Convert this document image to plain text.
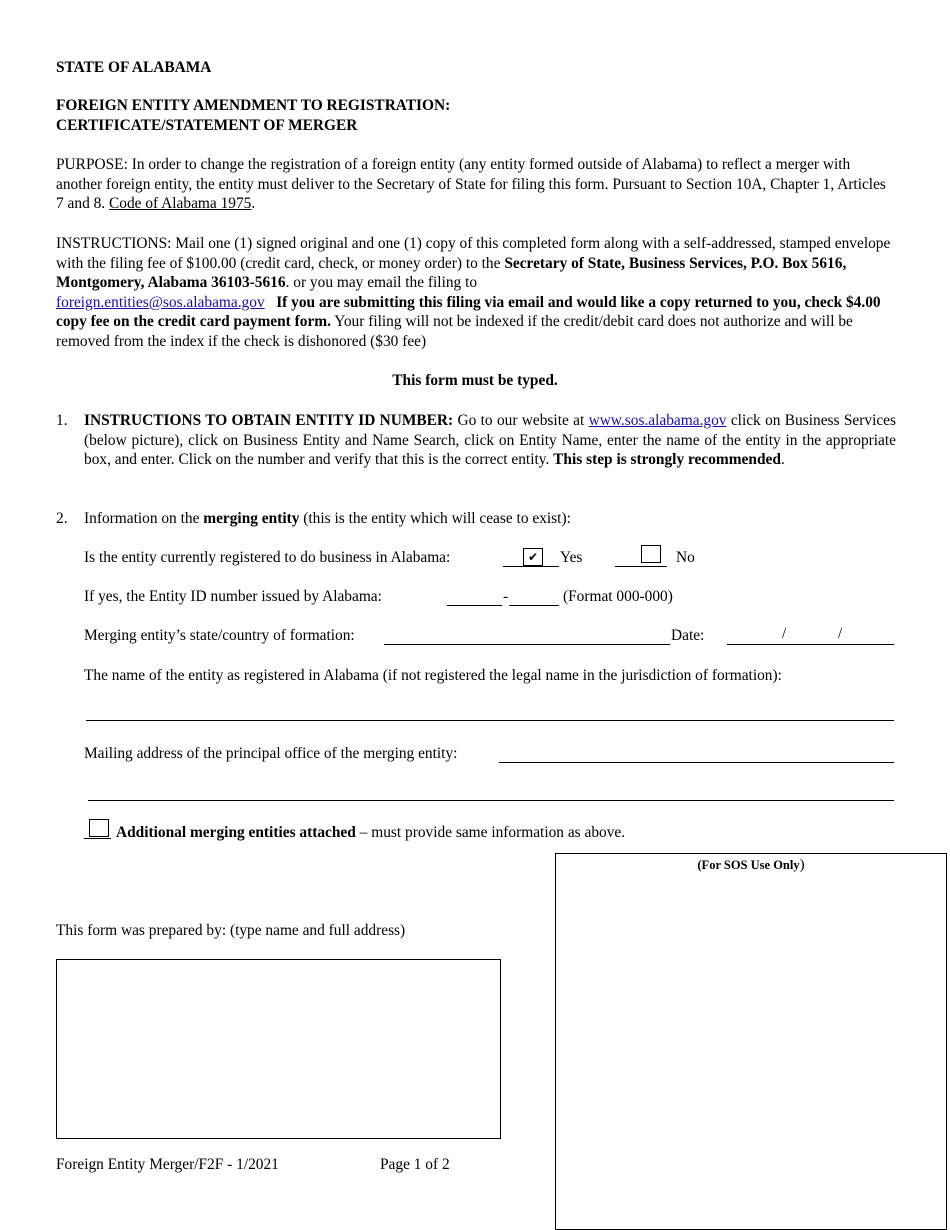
STATE OF ALABAMA
FOREIGN ENTITY AMENDMENT TO REGISTRATION:
CERTIFICATE/STATEMENT OF MERGER
PURPOSE: In order to change the registration of a foreign entity (any entity formed outside of Alabama) to reflect a merger with another foreign entity, the entity must deliver to the Secretary of State for filing this form. Pursuant to Section 10A, Chapter 1, Articles 7 and 8. Code of Alabama 1975.
INSTRUCTIONS: Mail one (1) signed original and one (1) copy of this completed form along with a self-addressed, stamped envelope with the filing fee of $100.00 (credit card, check, or money order) to the Secretary of State, Business Services, P.O. Box 5616, Montgomery, Alabama 36103-5616. or you may email the filing to
foreign.entities@sos.alabama.gov If you are submitting this filing via email and would like a copy returned to you, check $4.00 copy fee on the credit card payment form. Your filing will not be indexed if the credit/debit card does not authorize and will be removed from the index if the check is dishonored ($30 fee)
This form must be typed.
1. INSTRUCTIONS TO OBTAIN ENTITY ID NUMBER: Go to our website at www.sos.alabama.gov click on Business Services (below picture), click on Business Entity and Name Search, click on Entity Name, enter the name of the entity in the appropriate box, and enter. Click on the number and verify that this is the correct entity. This step is strongly recommended.
2. Information on the merging entity (this is the entity which will cease to exist):
Is the entity currently registered to do business in Alabama:	✔	Yes	No
If yes, the Entity ID number issued by Alabama:	-	(Format 000-000)
Merging entity’s state/country of formation:	Date:	/	/
The name of the entity as registered in Alabama (if not registered the legal name in the jurisdiction of formation):
Mailing address of the principal office of the merging entity:
Additional merging entities attached – must provide same information as above.
(For SOS Use Only)
This form was prepared by: (type name and full address)
Foreign Entity Merger/F2F - 1/2021	Page 1 of 2
